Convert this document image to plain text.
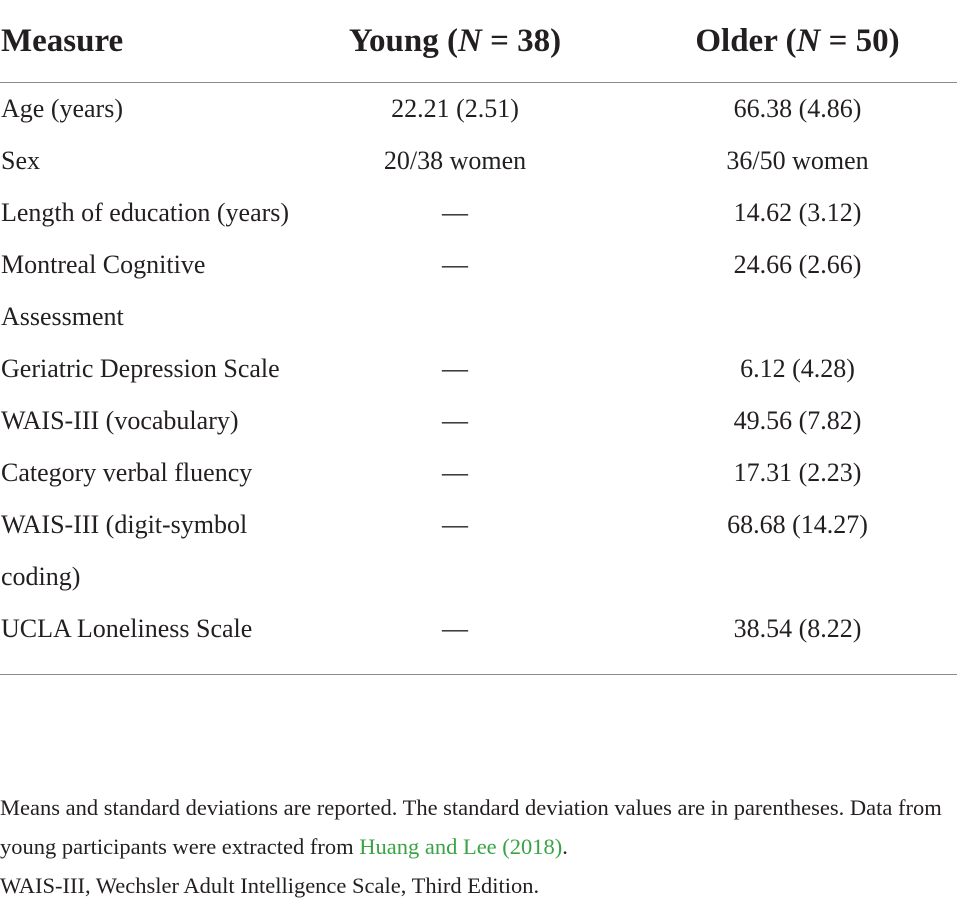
Measure	Young (N = 38)	Older (N = 50)
Age (years)	22.21 (2.51)	66.38 (4.86)
Sex	20/38 women	36/50 women
Length of education (years)	—	14.62 (3.12)
Montreal Cognitive Assessment	—	24.66 (2.66)
Geriatric Depression Scale	—	6.12 (4.28)
WAIS-III (vocabulary)	—	49.56 (7.82)
Category verbal fluency	—	17.31 (2.23)
WAIS-III (digit-symbol coding)	—	68.68 (14.27)
UCLA Loneliness Scale	—	38.54 (8.22)
Means and standard deviations are reported. The standard deviation values are in parentheses. Data from young participants were extracted from Huang and Lee (2018).
WAIS-III, Wechsler Adult Intelligence Scale, Third Edition.
